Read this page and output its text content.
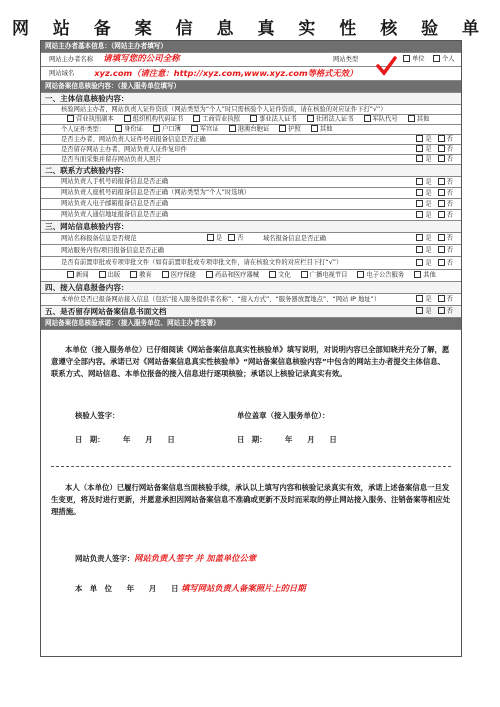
网 站 备 案 信 息 真 实 性 核 验 单
网站主办者基本信息：（网站主办者填写）
网站主办者名称 请填写您的公司全称	网站类型	单位	个人
网站域名 xyz.com（请注意：http://xyz.com,www.xyz.com等格式无效）
网站备案信息核验内容：（接入服务单位填写）
一、主体信息核验内容：
核验网站主办者、网站负责人证件资质（网站类型为“个人”时只需核验个人证件资质，请在核验的对应证件下打“√”）
营业执照副本	组织机构代码证书	工商营业执照	事业法人证书	社团法人证书	军队代号	其他
个人证件类型：	身份证	户口簿	军官证	港澳台胞证	护照	其他
是否主办者、网站负责人证件号码报备信息是否正确	是 否
是否留存网站主办者、网站负责人证件复印件	是 否
是否当面采集并留存网站负责人照片	是 否
二、联系方式核验内容：
网站负责人手机号码报备信息是否正确	是 否
网站负责人座机号码报备信息是否正确（网站类型为“个人”时选填）	是 否
网站负责人电子邮箱报备信息是否正确	是 否
网站负责人通信地址报备信息是否正确	是 否
三、网站信息核验内容：
网站名称报备信息是否规范	是 否	域名报备信息是否正确	是 否
网站服务内容/项目报备信息是否正确	是 否
是否有前置审批或专项审批文件（如有前置审批或专项审批文件，请在核验文件的对应栏目下打“√”）	是 否
新闻	出版	教育	医疗保健	药品和医疗器械	文化	广播电视节目	电子公告服务	其他
四、接入信息报备内容：
本单位是否已报备网站接入信息（包括“接入服务提供者名称”、“接入方式”、“服务器放置地点”、“网站 IP 地址”）	是 否
五、是否留存网站备案信息书面文档	是 否
网站备案信息核验承诺：（接入服务单位、网站主办者签署）
本单位（接入服务单位）已仔细阅读《网站备案信息真实性核验单》填写说明，对说明内容已全部知晓并充分了解，愿意遵守全部内容。承诺已对《网站备案信息真实性核验单》“网站备案信息核验内容”中包含的网站主办者提交主体信息、联系方式、网站信息、本单位报备的接入信息进行逐项核验；承诺以上核验记录真实有效。
核验人签字：	单位盖章（接入服务单位）：
日　期：　　　年　　月　　日	日　期：　　　年　　月　　日
本人（本单位）已履行网站备案信息当面核验手续，承认以上填写内容和核验记录真实有效，承诺上述备案信息一旦发生变更，将及时进行更新，并愿意承担因网站备案信息不准确或更新不及时而采取的停止网站接入服务、注销备案等相应处理措施。
网站负责人签字：网站负责人签字 并 加盖单位公章
本　单　位　　年　　月　　日 填写网站负责人备案照片上的日期
